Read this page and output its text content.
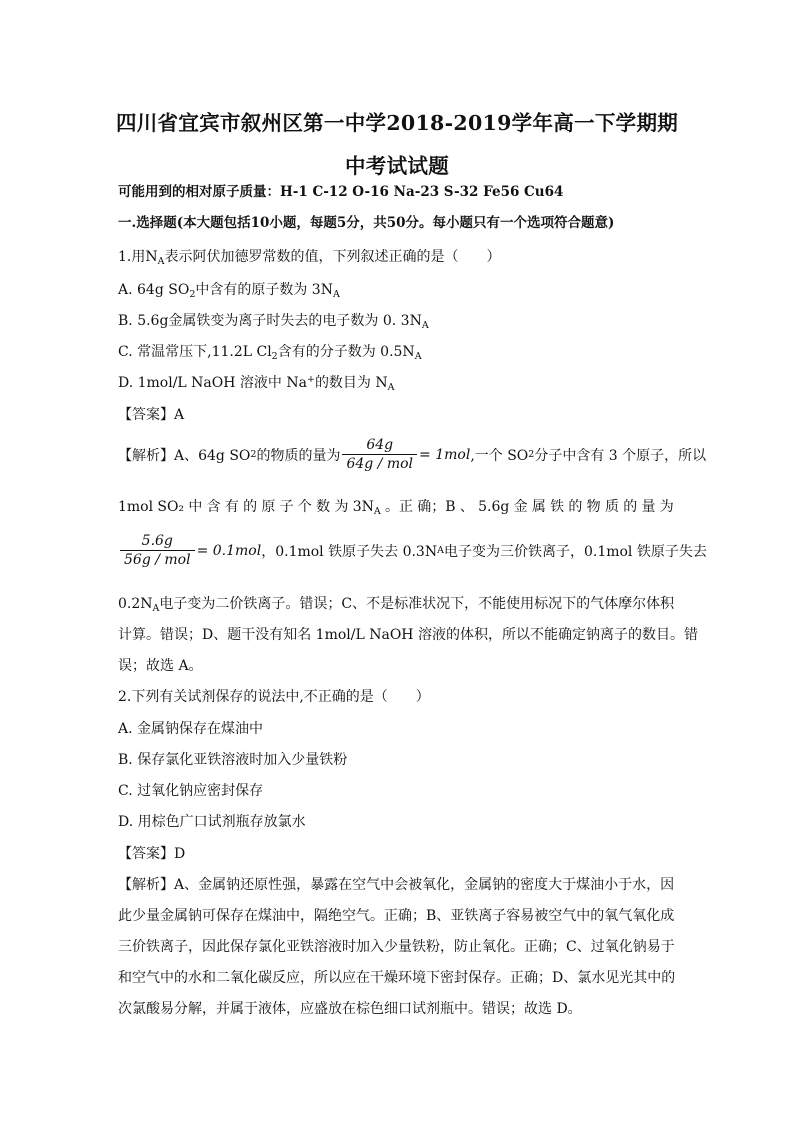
四川省宜宾市叙州区第一中学2018-2019学年高一下学期期
中考试试题
可能用到的相对原子质量：H-1 C-12 O-16 Na-23 S-32 Fe56 Cu64
一.选择题(本大题包括10小题，每题5分，共50分。每小题只有一个选项符合题意)
1.用$N_A$表示阿伏加德罗常数的值，下列叙述正确的是（　　）
A. 64g $SO_2$中含有的原子数为 $3N_A$
B. 5.6g金属铁变为离子时失去的电子数为 0. $3N_A$
C. 常温常压下,11.2L $Cl_2$含有的分子数为 $0.5N_A$
D. 1mol/L NaOH 溶液中 Na+的数目为 $N_A$
【答案】A
【解析】A、64g SO 2 的物质的量为 $\frac{64g}{\text{64g / mol}} = 1mol$ ,一个 SO 2 分子中含有 3 个原子，所以
1mol SO₂ 中 含 有 的 原 子 个 数 为 $3N_A$ 。正 确；B 、 5.6g 金 属 铁 的 物 质 的 量 为
$\frac{5.6g}{\text{56g / mol}} = 0.1mol$ ，0.1mol 铁原子失去 0.3N A 电子变为三价铁离子，0.1mol 铁原子失去
$0.2N_A$电子变为二价铁离子。错误；C、不是标准状况下，不能使用标况下的气体摩尔体积
计算。错误；D、题干没有知名 1mol/L NaOH 溶液的体积，所以不能确定钠离子的数目。错
误；故选 A。
2.下列有关试剂保存的说法中,不正确的是（　　）
A. 金属钠保存在煤油中
B. 保存氯化亚铁溶液时加入少量铁粉
C. 过氧化钠应密封保存
D. 用棕色广口试剂瓶存放氯水
【答案】D
【解析】A、金属钠还原性强，暴露在空气中会被氧化，金属钠的密度大于煤油小于水，因
此少量金属钠可保存在煤油中，隔绝空气。正确；B、亚铁离子容易被空气中的氧气氧化成
三价铁离子，因此保存氯化亚铁溶液时加入少量铁粉，防止氧化。正确；C、过氧化钠易于
和空气中的水和二氧化碳反应，所以应在干燥环境下密封保存。正确；D、氯水见光其中的
次氯酸易分解，并属于液体，应盛放在棕色细口试剂瓶中。错误；故选 D。
